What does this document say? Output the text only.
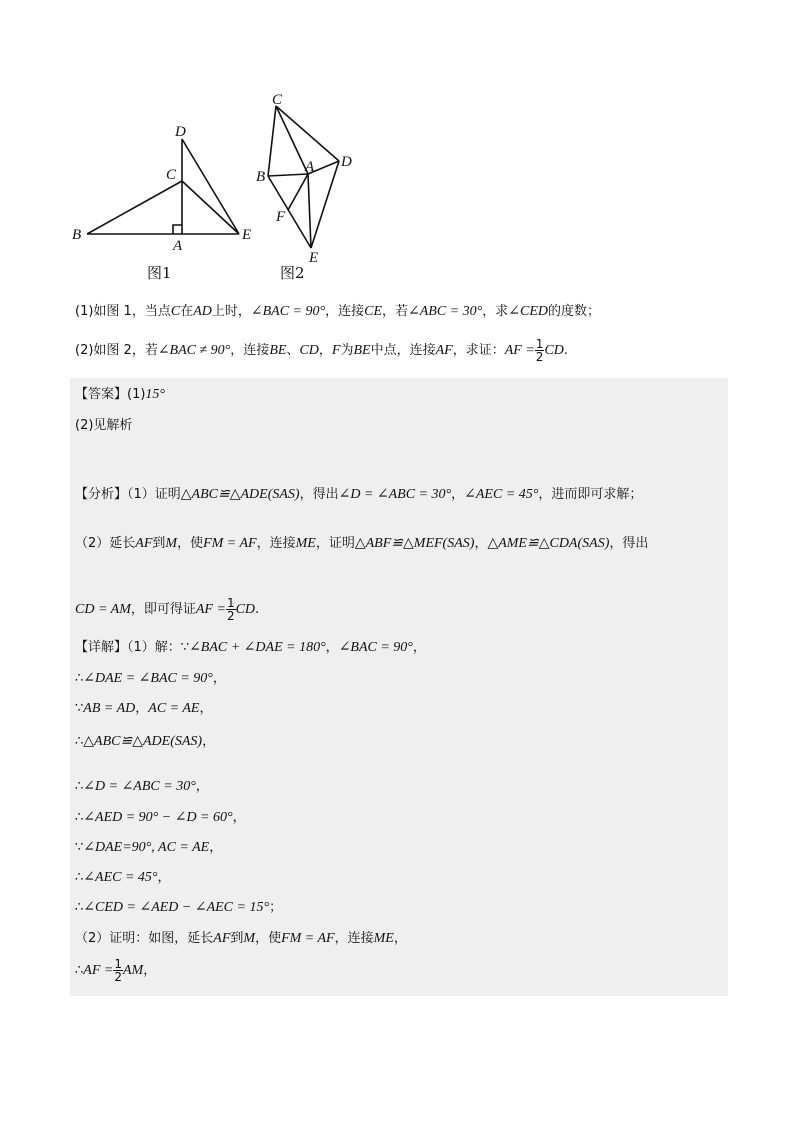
B
A
E
C
D
图1
C
B
A D
F
E
图2
(1)如图 1，当点C在AD上时，∠BAC = 90°，连接CE，若∠ABC = 30°，求∠CED的度数；
(2)如图 2，若∠BAC ≠ 90°，连接BE、CD，F为BE中点，连接AF，求证：AF = $\frac{1}{2}$ CD.
【答案】(1)15°
(2)见解析
【分析】（1）证明△ABC≌△ADE(SAS)，得出∠D = ∠ABC = 30°，∠AEC = 45°，进而即可求解；
（2）延长AF到M，使FM = AF，连接ME，证明△ABF≌△MEF(SAS)，△AME≌△CDA(SAS)，得出
CD = AM，即可得证AF = $\frac{1}{2}$ CD.
【详解】（1）解：∵∠BAC + ∠DAE = 180°，∠BAC = 90°，
∴∠DAE = ∠BAC = 90°，
∵AB = AD，AC = AE，
∴△ABC≌△ADE(SAS)，
∴∠D = ∠ABC = 30°，
∴∠AED = 90° − ∠D = 60°，
∵∠DAE=90°, AC = AE，
∴∠AEC = 45°，
∴∠CED = ∠AED − ∠AEC = 15°；
（2）证明：如图，延长AF到M，使FM = AF，连接ME，
∴AF = $\frac{1}{2}$ AM，
